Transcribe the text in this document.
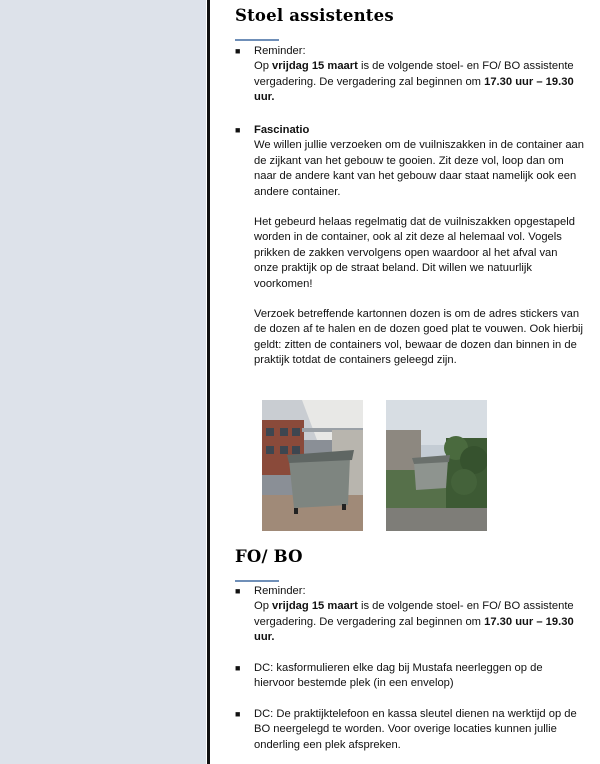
Stoel assistentes
■ Reminder:
Op vrijdag 15 maart is de volgende stoel- en FO/ BO assistente vergadering. De vergadering zal beginnen om 17.30 uur – 19.30 uur.
■ Fascinatio
We willen jullie verzoeken om de vuilniszakken in de container aan de zijkant van het gebouw te gooien. Zit deze vol, loop dan om naar de andere kant van het gebouw daar staat namelijk ook een andere container.
Het gebeurd helaas regelmatig dat de vuilniszakken opgestapeld worden in de container, ook al zit deze al helemaal vol. Vogels prikken de zakken vervolgens open waardoor al het afval van onze praktijk op de straat beland. Dit willen we natuurlijk voorkomen!
Verzoek betreffende kartonnen dozen is om de adres stickers van de dozen af te halen en de dozen goed plat te vouwen. Ook hierbij geldt: zitten de containers vol, bewaar de dozen dan binnen in de praktijk totdat de containers geleegd zijn.
FO/ BO
■ Reminder:
Op vrijdag 15 maart is de volgende stoel- en FO/ BO assistente vergadering. De vergadering zal beginnen om 17.30 uur – 19.30 uur.
■ DC: kasformulieren elke dag bij Mustafa neerleggen op de hiervoor bestemde plek (in een envelop)
■ DC: De praktijktelefoon en kassa sleutel dienen na werktijd op de BO neergelegd te worden. Voor overige locaties kunnen jullie onderling een plek afspreken.
